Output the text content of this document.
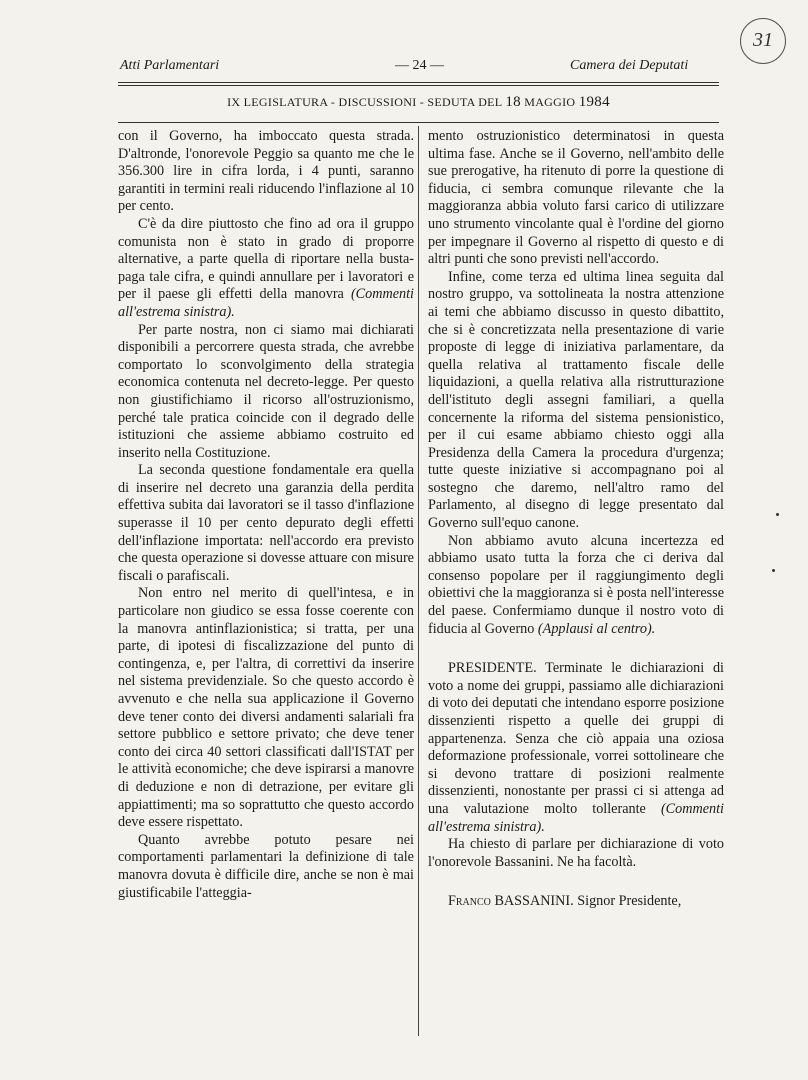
Atti Parlamentari	— 24 —	Camera dei Deputati
31
IX LEGISLATURA - DISCUSSIONI - SEDUTA DEL 18 MAGGIO 1984

con il Governo, ha imboccato questa strada. D'altronde, l'onorevole Peggio sa quanto me che le 356.300 lire in cifra lorda, i 4 punti, saranno garantiti in termini reali riducendo l'inflazione al 10 per cento.

C'è da dire piuttosto che fino ad ora il gruppo comunista non è stato in grado di proporre alternative, a parte quella di riportare nella busta-paga tale cifra, e quindi annullare per i lavoratori e per il paese gli effetti della manovra (Commenti all'estrema sinistra).

Per parte nostra, non ci siamo mai dichiarati disponibili a percorrere questa strada, che avrebbe comportato lo sconvolgimento della strategia economica contenuta nel decreto-legge. Per questo non giustifichiamo il ricorso all'ostruzionismo, perché tale pratica coincide con il degrado delle istituzioni che assieme abbiamo costruito ed inserito nella Costituzione.

La seconda questione fondamentale era quella di inserire nel decreto una garanzia della perdita effettiva subita dai lavoratori se il tasso d'inflazione superasse il 10 per cento depurato degli effetti dell'inflazione importata: nell'accordo era previsto che questa operazione si dovesse attuare con misure fiscali o parafiscali.

Non entro nel merito di quell'intesa, e in particolare non giudico se essa fosse coerente con la manovra antinflazionistica; si tratta, per una parte, di ipotesi di fiscalizzazione del punto di contingenza, e, per l'altra, di correttivi da inserire nel sistema previdenziale. So che questo accordo è avvenuto e che nella sua applicazione il Governo deve tener conto dei diversi andamenti salariali fra settore pubblico e settore privato; che deve tener conto dei circa 40 settori classificati dall'ISTAT per le attività economiche; che deve ispirarsi a manovre di deduzione e non di detrazione, per evitare gli appiattimenti; ma so soprattutto che questo accordo deve essere rispettato.

Quanto avrebbe potuto pesare nei comportamenti parlamentari la definizione di tale manovra dovuta è difficile dire, anche se non è mai giustificabile l'atteggia-

mento ostruzionistico determinatosi in questa ultima fase. Anche se il Governo, nell'ambito delle sue prerogative, ha ritenuto di porre la questione di fiducia, ci sembra comunque rilevante che la maggioranza abbia voluto farsi carico di utilizzare uno strumento vincolante qual è l'ordine del giorno per impegnare il Governo al rispetto di questo e di altri punti che sono previsti nell'accordo.

Infine, come terza ed ultima linea seguita dal nostro gruppo, va sottolineata la nostra attenzione ai temi che abbiamo discusso in questo dibattito, che si è concretizzata nella presentazione di varie proposte di legge di iniziativa parlamentare, da quella relativa al trattamento fiscale delle liquidazioni, a quella relativa alla ristrutturazione dell'istituto degli assegni familiari, a quella concernente la riforma del sistema pensionistico, per il cui esame abbiamo chiesto oggi alla Presidenza della Camera la procedura d'urgenza; tutte queste iniziative si accompagnano poi al sostegno che daremo, nell'altro ramo del Parlamento, al disegno di legge presentato dal Governo sull'equo canone.

Non abbiamo avuto alcuna incertezza ed abbiamo usato tutta la forza che ci deriva dal consenso popolare per il raggiungimento degli obiettivi che la maggioranza si è posta nell'interesse del paese. Confermiamo dunque il nostro voto di fiducia al Governo (Applausi al centro).

PRESIDENTE. Terminate le dichiarazioni di voto a nome dei gruppi, passiamo alle dichiarazioni di voto dei deputati che intendano esporre posizione dissenzienti rispetto a quelle dei gruppi di appartenenza. Senza che ciò appaia una oziosa deformazione professionale, vorrei sottolineare che si devono trattare di posizioni realmente dissenzienti, nonostante per prassi ci si attenga ad una valutazione molto tollerante (Commenti all'estrema sinistra).

Ha chiesto di parlare per dichiarazione di voto l'onorevole Bassanini. Ne ha facoltà.

Franco BASSANINI. Signor Presidente,
